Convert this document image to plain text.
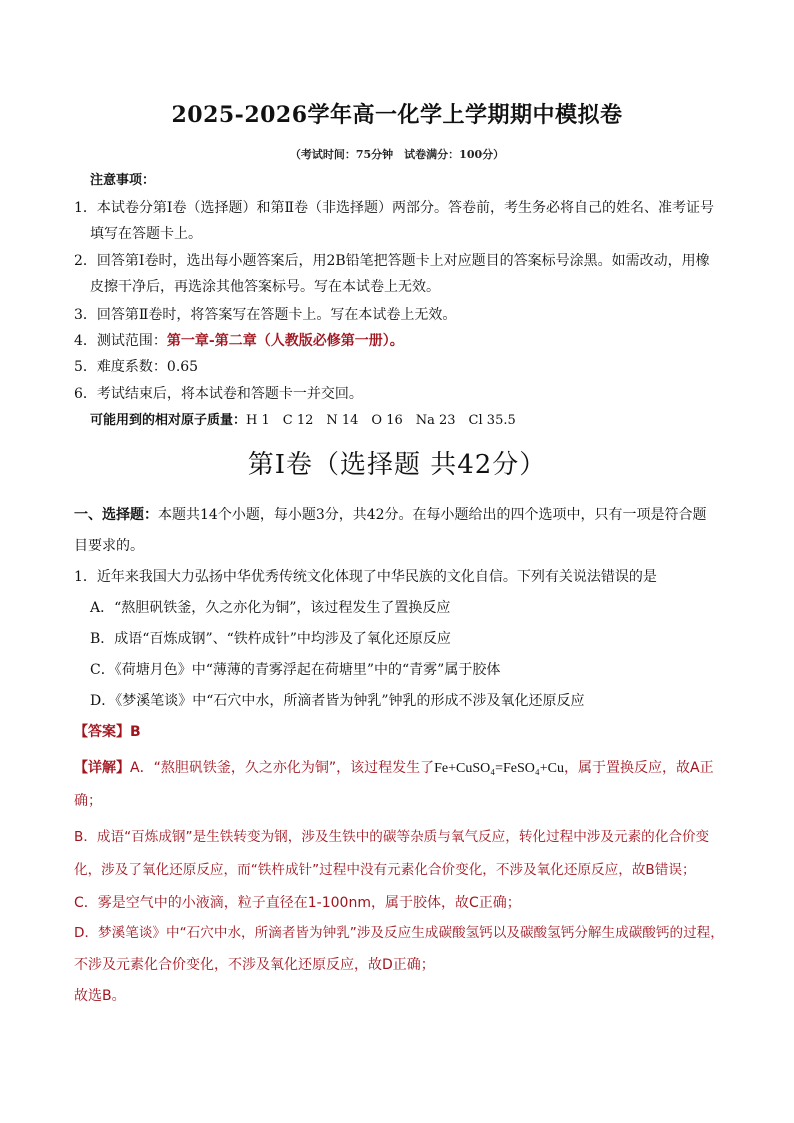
2025-2026学年高一化学上学期期中模拟卷
（考试时间：75分钟　试卷满分：100分）
注意事项：
1．本试卷分第Ⅰ卷（选择题）和第Ⅱ卷（非选择题）两部分。答卷前，考生务必将自己的姓名、准考证号
填写在答题卡上。
2．回答第Ⅰ卷时，选出每小题答案后，用2B铅笔把答题卡上对应题目的答案标号涂黑。如需改动，用橡
皮擦干净后，再选涂其他答案标号。写在本试卷上无效。
3．回答第Ⅱ卷时，将答案写在答题卡上。写在本试卷上无效。
4．测试范围：第一章-第二章（人教版必修第一册）。
5．难度系数：0.65
6．考试结束后，将本试卷和答题卡一并交回。
可能用到的相对原子质量：H 1　C 12　N 14　O 16　Na 23　Cl 35.5
第Ⅰ卷（选择题 共42分）
一、选择题：本题共14个小题，每小题3分，共42分。在每小题给出的四个选项中，只有一项是符合题
目要求的。
1．近年来我国大力弘扬中华优秀传统文化体现了中华民族的文化自信。下列有关说法错误的是
A．“熬胆矾铁釜，久之亦化为铜”，该过程发生了置换反应
B．成语“百炼成钢”、“铁杵成针”中均涉及了氧化还原反应
C．《荷塘月色》中“薄薄的青雾浮起在荷塘里”中的“青雾”属于胶体
D．《梦溪笔谈》中“石穴中水，所滴者皆为钟乳”钟乳的形成不涉及氧化还原反应
【答案】B
【详解】A．“熬胆矾铁釜，久之亦化为铜”，该过程发生了Fe+CuSO₄=FeSO₄+Cu，属于置换反应，故A正
确；
B．成语“百炼成钢”是生铁转变为钢，涉及生铁中的碳等杂质与氧气反应，转化过程中涉及元素的化合价变
化，涉及了氧化还原反应，而“铁杵成针”过程中没有元素化合价变化，不涉及氧化还原反应，故B错误；
C．雾是空气中的小液滴，粒子直径在1-100nm，属于胶体，故C正确；
D．梦溪笔谈》中“石穴中水，所滴者皆为钟乳”涉及反应生成碳酸氢钙以及碳酸氢钙分解生成碳酸钙的过程，
不涉及元素化合价变化，不涉及氧化还原反应，故D正确；
故选B。
